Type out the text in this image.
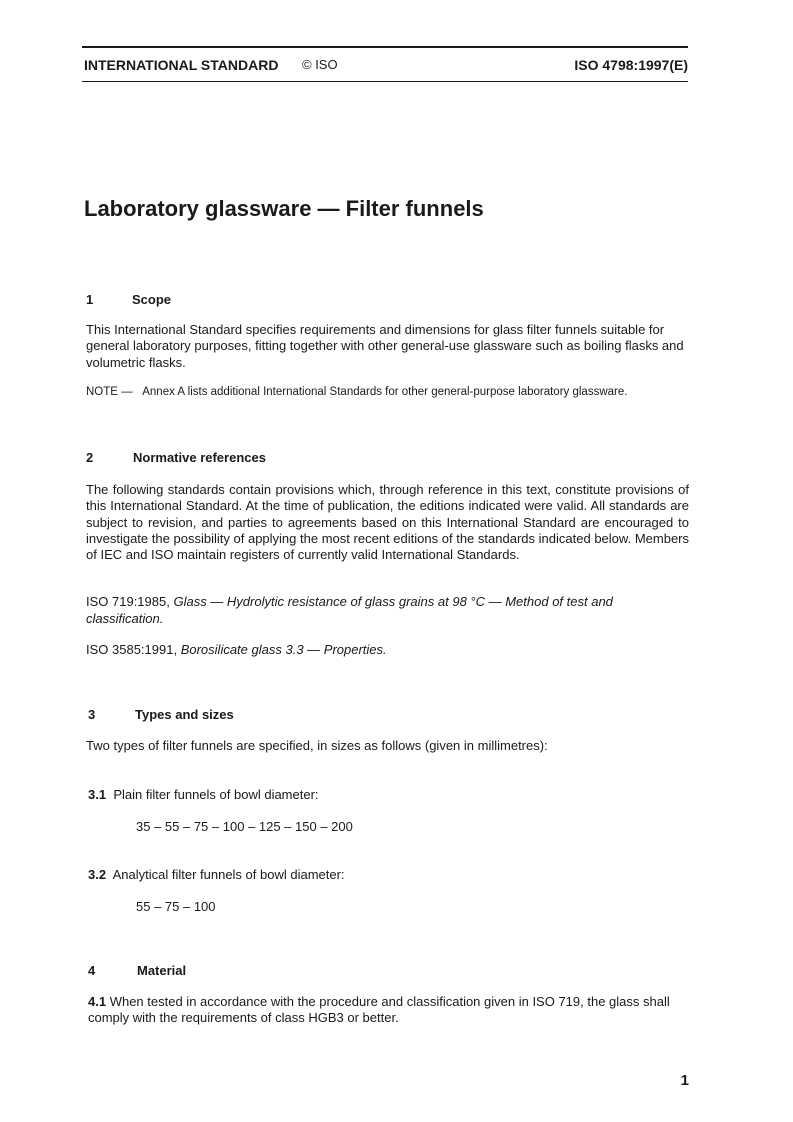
INTERNATIONAL STANDARD © ISO	ISO 4798:1997(E)
Laboratory glassware — Filter funnels
1	Scope
This International Standard specifies requirements and dimensions for glass filter funnels suitable for general laboratory purposes, fitting together with other general-use glassware such as boiling flasks and volumetric flasks.
NOTE — Annex A lists additional International Standards for other general-purpose laboratory glassware.
2	Normative references
The following standards contain provisions which, through reference in this text, constitute provisions of this International Standard. At the time of publication, the editions indicated were valid. All standards are subject to revision, and parties to agreements based on this International Standard are encouraged to investigate the possibility of applying the most recent editions of the standards indicated below. Members of IEC and ISO maintain registers of currently valid International Standards.
ISO 719:1985, Glass — Hydrolytic resistance of glass grains at 98 °C — Method of test and classification.
ISO 3585:1991, Borosilicate glass 3.3 — Properties.
3	Types and sizes
Two types of filter funnels are specified, in sizes as follows (given in millimetres):
3.1 Plain filter funnels of bowl diameter:
35 – 55 – 75 – 100 – 125 – 150 – 200
3.2 Analytical filter funnels of bowl diameter:
55 – 75 – 100
4	Material
4.1 When tested in accordance with the procedure and classification given in ISO 719, the glass shall comply with the requirements of class HGB3 or better.
1
